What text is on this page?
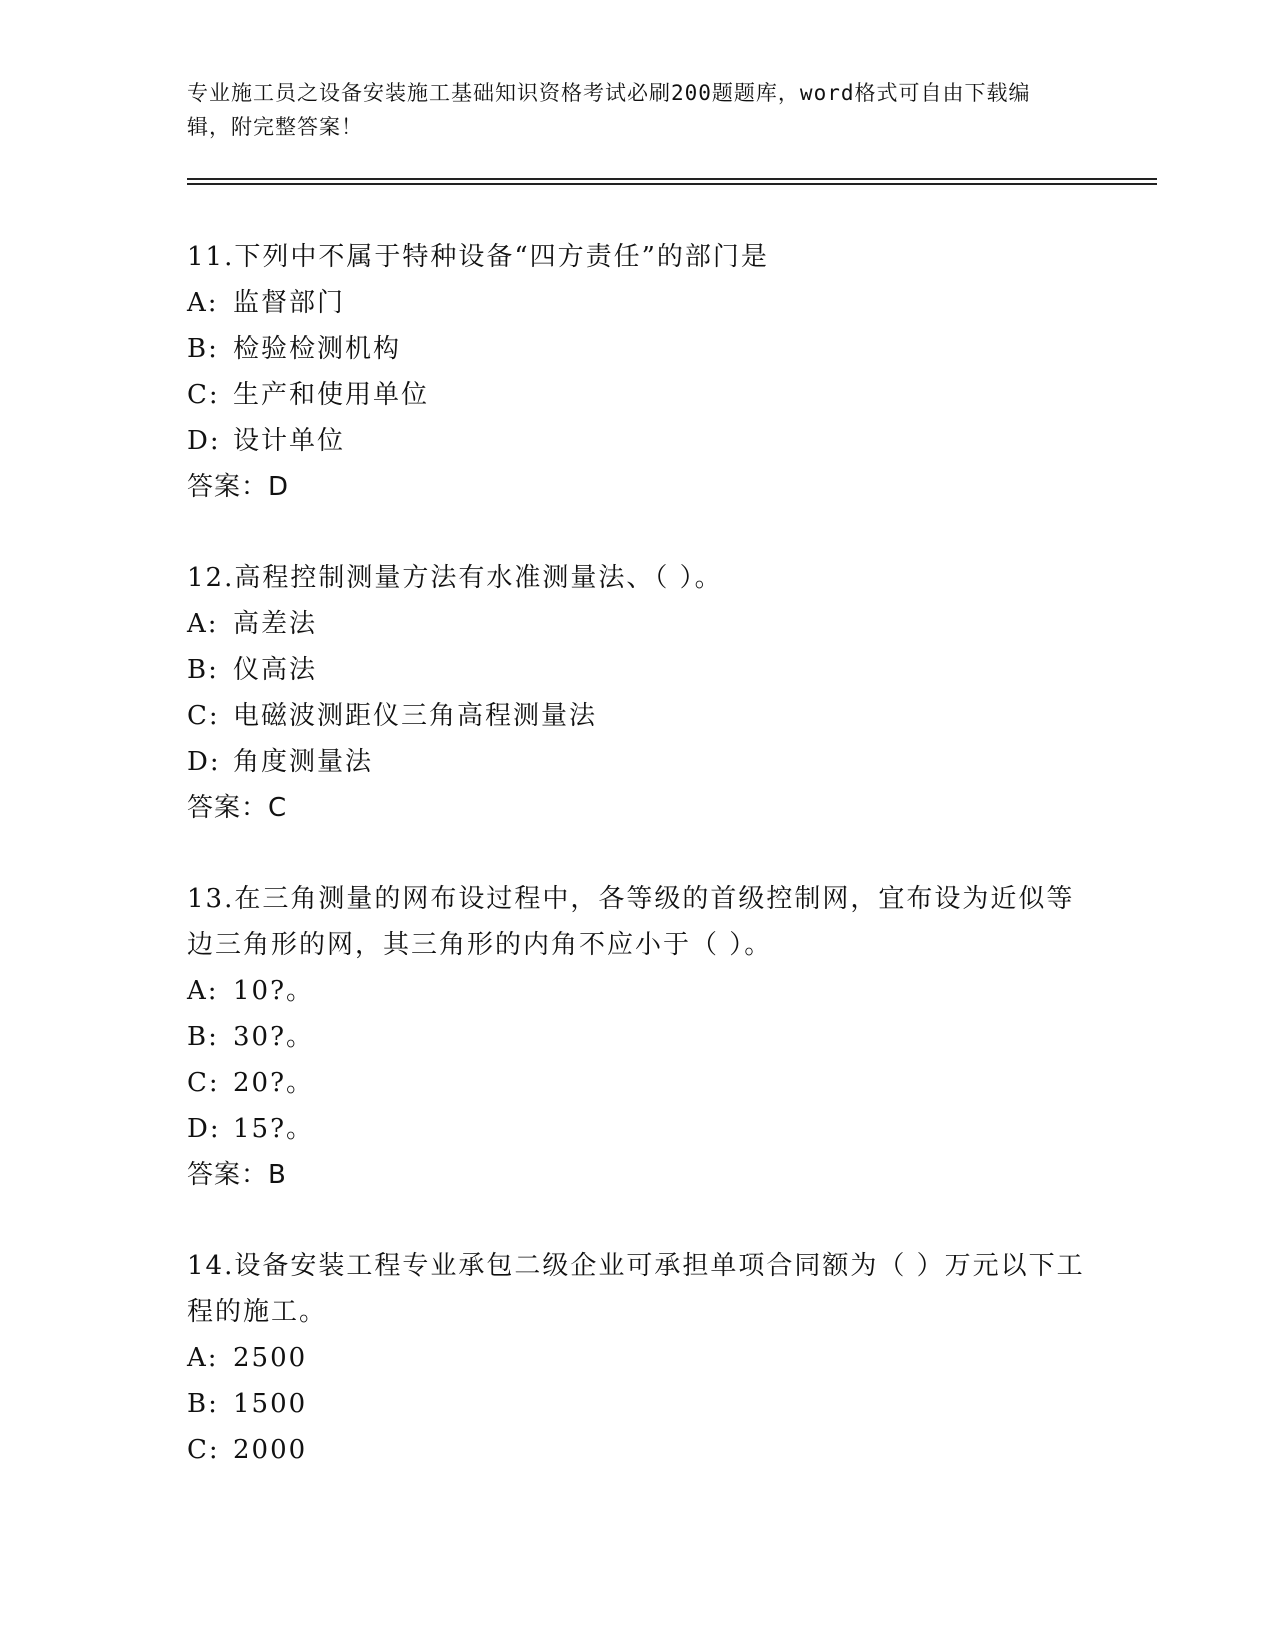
专业施工员之设备安装施工基础知识资格考试必刷200题题库，word格式可自由下载编辑，附完整答案！

11.下列中不属于特种设备“四方责任”的部门是

A: 监督部门

B: 检验检测机构

C: 生产和使用单位

D: 设计单位

答案：D

12.高程控制测量方法有水准测量法、（ ）。

A: 高差法

B: 仪高法

C: 电磁波测距仪三角高程测量法

D: 角度测量法

答案：C

13.在三角测量的网布设过程中，各等级的首级控制网，宜布设为近似等边三角形的网，其三角形的内角不应小于（ ）。

A: 10?。

B: 30?。

C: 20?。

D: 15?。

答案：B

14.设备安装工程专业承包二级企业可承担单项合同额为（ ）万元以下工程的施工。

A: 2500

B: 1500

C: 2000
